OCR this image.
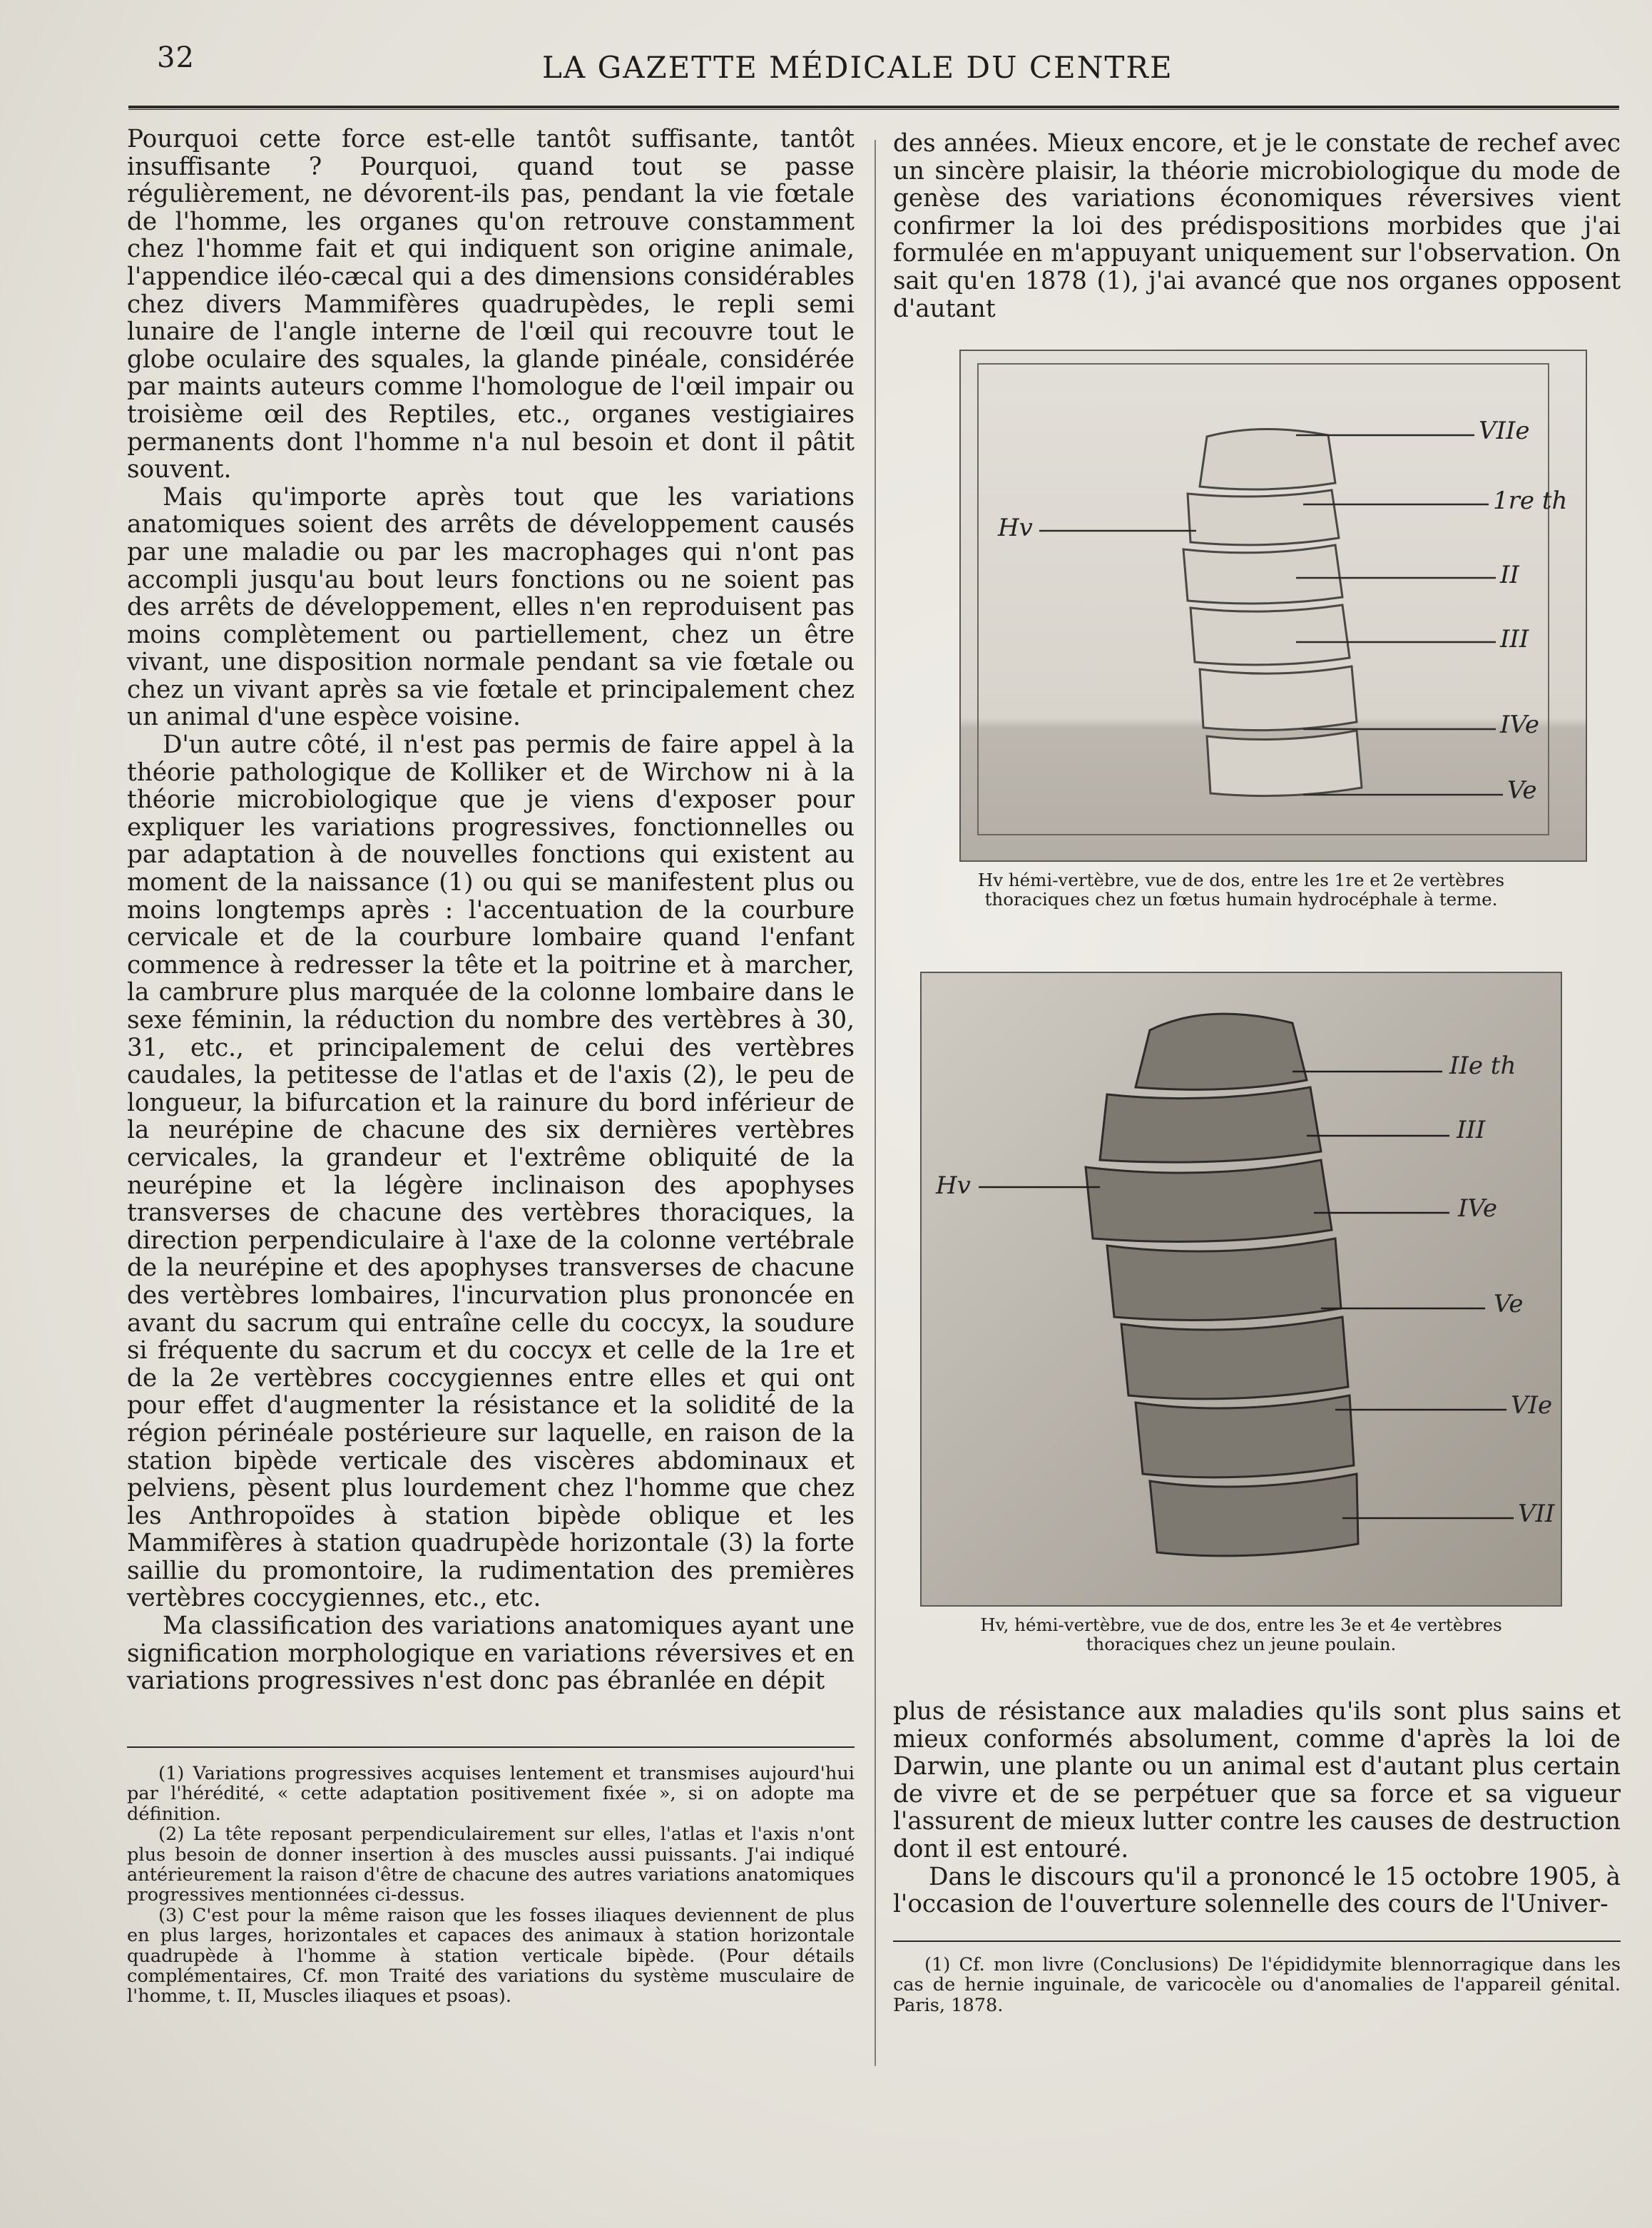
32	LA GAZETTE MÉDICALE DU CENTRE

Pourquoi cette force est-elle tantôt suffisante, tantôt insuffisante ? Pourquoi, quand tout se passe régulièrement, ne dévorent-ils pas, pendant la vie fœtale de l'homme, les organes qu'on retrouve constamment chez l'homme fait et qui indiquent son origine animale, l'appendice iléo-cæcal qui a des dimensions considérables chez divers Mammifères quadrupèdes, le repli semi lunaire de l'angle interne de l'œil qui recouvre tout le globe oculaire des squales, la glande pinéale, considérée par maints auteurs comme l'homologue de l'œil impair ou troisième œil des Reptiles, etc., organes vestigiaires permanents dont l'homme n'a nul besoin et dont il pâtit souvent.

Mais qu'importe après tout que les variations anatomiques soient des arrêts de développement causés par une maladie ou par les macrophages qui n'ont pas accompli jusqu'au bout leurs fonctions ou ne soient pas des arrêts de développement, elles n'en reproduisent pas moins complètement ou partiellement, chez un être vivant, une disposition normale pendant sa vie fœtale ou chez un vivant après sa vie fœtale et principalement chez un animal d'une espèce voisine.

D'un autre côté, il n'est pas permis de faire appel à la théorie pathologique de Kolliker et de Wirchow ni à la théorie microbiologique que je viens d'exposer pour expliquer les variations progressives, fonctionnelles ou par adaptation à de nouvelles fonctions qui existent au moment de la naissance (1) ou qui se manifestent plus ou moins longtemps après : l'accentuation de la courbure cervicale et de la courbure lombaire quand l'enfant commence à redresser la tête et la poitrine et à marcher, la cambrure plus marquée de la colonne lombaire dans le sexe féminin, la réduction du nombre des vertèbres à 30, 31, etc., et principalement de celui des vertèbres caudales, la petitesse de l'atlas et de l'axis (2), le peu de longueur, la bifurcation et la rainure du bord inférieur de la neurépine de chacune des six dernières vertèbres cervicales, la grandeur et l'extrême obliquité de la neurépine et la légère inclinaison des apophyses transverses de chacune des vertèbres thoraciques, la direction perpendiculaire à l'axe de la colonne vertébrale de la neurépine et des apophyses transverses de chacune des vertèbres lombaires, l'incurvation plus prononcée en avant du sacrum qui entraîne celle du coccyx, la soudure si fréquente du sacrum et du coccyx et celle de la 1re et de la 2e vertèbres coccygiennes entre elles et qui ont pour effet d'augmenter la résistance et la solidité de la région périnéale postérieure sur laquelle, en raison de la station bipède verticale des viscères abdominaux et pelviens, pèsent plus lourdement chez l'homme que chez les Anthropoïdes à station bipède oblique et les Mammifères à station quadrupède horizontale (3) la forte saillie du promontoire, la rudimentation des premières vertèbres coccygiennes, etc., etc.

Ma classification des variations anatomiques ayant une signification morphologique en variations réversives et en variations progressives n'est donc pas ébranlée en dépit

(1) Variations progressives acquises lentement et transmises aujourd'hui par l'hérédité, « cette adaptation positivement fixée », si on adopte ma définition.

(2) La tête reposant perpendiculairement sur elles, l'atlas et l'axis n'ont plus besoin de donner insertion à des muscles aussi puissants. J'ai indiqué antérieurement la raison d'être de chacune des autres variations anatomiques progressives mentionnées ci-dessus.

(3) C'est pour la même raison que les fosses iliaques deviennent de plus en plus larges, horizontales et capaces des animaux à station horizontale quadrupède à l'homme à station verticale bipède. (Pour détails complémentaires, Cf. mon Traité des variations du système musculaire de l'homme, t. II, Muscles iliaques et psoas).

des années. Mieux encore, et je le constate de rechef avec un sincère plaisir, la théorie microbiologique du mode de genèse des variations économiques réversives vient confirmer la loi des prédispositions morbides que j'ai formulée en m'appuyant uniquement sur l'observation. On sait qu'en 1878 (1), j'ai avancé que nos organes opposent d'autant

VIIe
1re th
Hv
II
III
IVe
Ve

Hv hémi-vertèbre, vue de dos, entre les 1re et 2e vertèbres thoraciques chez un fœtus humain hydrocéphale à terme.

IIe th
III
Hv
IVe
Ve
VIe
VII

Hv, hémi-vertèbre, vue de dos, entre les 3e et 4e vertèbres thoraciques chez un jeune poulain.

plus de résistance aux maladies qu'ils sont plus sains et mieux conformés absolument, comme d'après la loi de Darwin, une plante ou un animal est d'autant plus certain de vivre et de se perpétuer que sa force et sa vigueur l'assurent de mieux lutter contre les causes de destruction dont il est entouré.

Dans le discours qu'il a prononcé le 15 octobre 1905, à l'occasion de l'ouverture solennelle des cours de l'Univer-

(1) Cf. mon livre (Conclusions) De l'épididymite blennorragique dans les cas de hernie inguinale, de varicocèle ou d'anomalies de l'appareil génital. Paris, 1878.
